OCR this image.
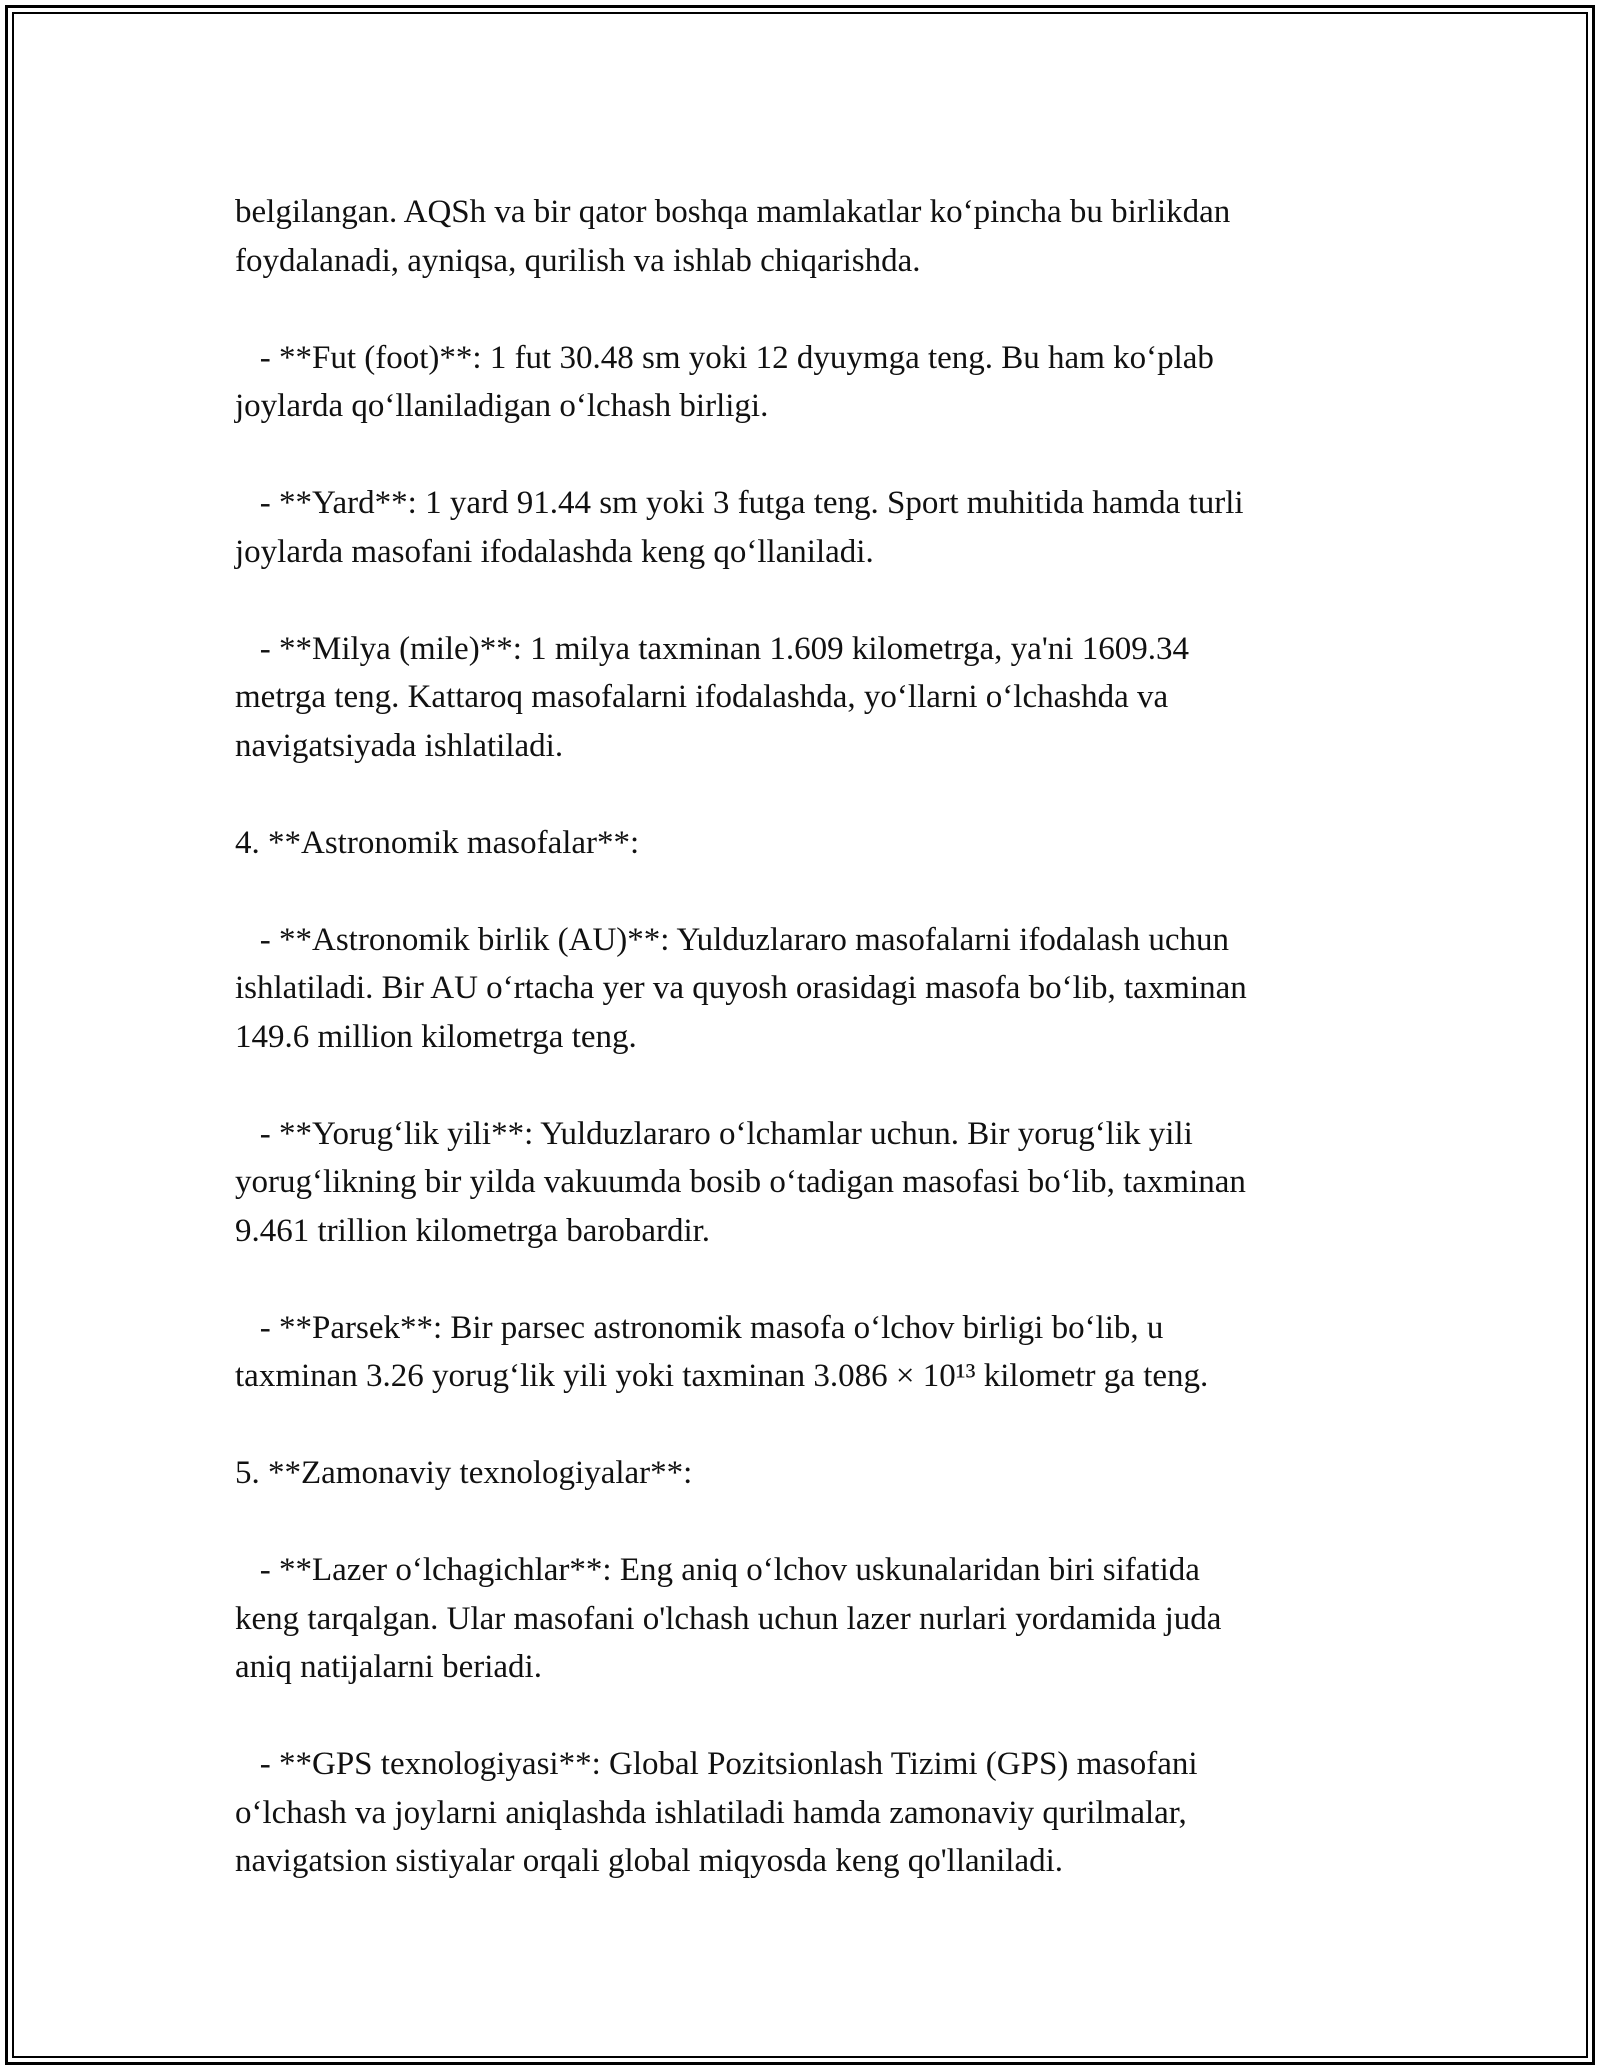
belgilangan. AQSh va bir qator boshqa mamlakatlar ko‘pincha bu birlikdan
foydalanadi, ayniqsa, qurilish va ishlab chiqarishda.

- **Fut (foot)**: 1 fut 30.48 sm yoki 12 dyuymga teng. Bu ham ko‘plab
joylarda qo‘llaniladigan o‘lchash birligi.

- **Yard**: 1 yard 91.44 sm yoki 3 futga teng. Sport muhitida hamda turli
joylarda masofani ifodalashda keng qo‘llaniladi.

- **Milya (mile)**: 1 milya taxminan 1.609 kilometrga, ya'ni 1609.34
metrga teng. Kattaroq masofalarni ifodalashda, yo‘llarni o‘lchashda va
navigatsiyada ishlatiladi.

4. **Astronomik masofalar**:

- **Astronomik birlik (AU)**: Yulduzlararo masofalarni ifodalash uchun
ishlatiladi. Bir AU o‘rtacha yer va quyosh orasidagi masofa bo‘lib, taxminan
149.6 million kilometrga teng.

- **Yorug‘lik yili**: Yulduzlararo o‘lchamlar uchun. Bir yorug‘lik yili
yorug‘likning bir yilda vakuumda bosib o‘tadigan masofasi bo‘lib, taxminan
9.461 trillion kilometrga barobardir.

- **Parsek**: Bir parsec astronomik masofa o‘lchov birligi bo‘lib, u
taxminan 3.26 yorug‘lik yili yoki taxminan 3.086 × 10¹³ kilometr ga teng.

5. **Zamonaviy texnologiyalar**:

- **Lazer o‘lchagichlar**: Eng aniq o‘lchov uskunalaridan biri sifatida
keng tarqalgan. Ular masofani o'lchash uchun lazer nurlari yordamida juda
aniq natijalarni beriadi.

- **GPS texnologiyasi**: Global Pozitsionlash Tizimi (GPS) masofani
o‘lchash va joylarni aniqlashda ishlatiladi hamda zamonaviy qurilmalar,
navigatsion sistiyalar orqali global miqyosda keng qo'llaniladi.
